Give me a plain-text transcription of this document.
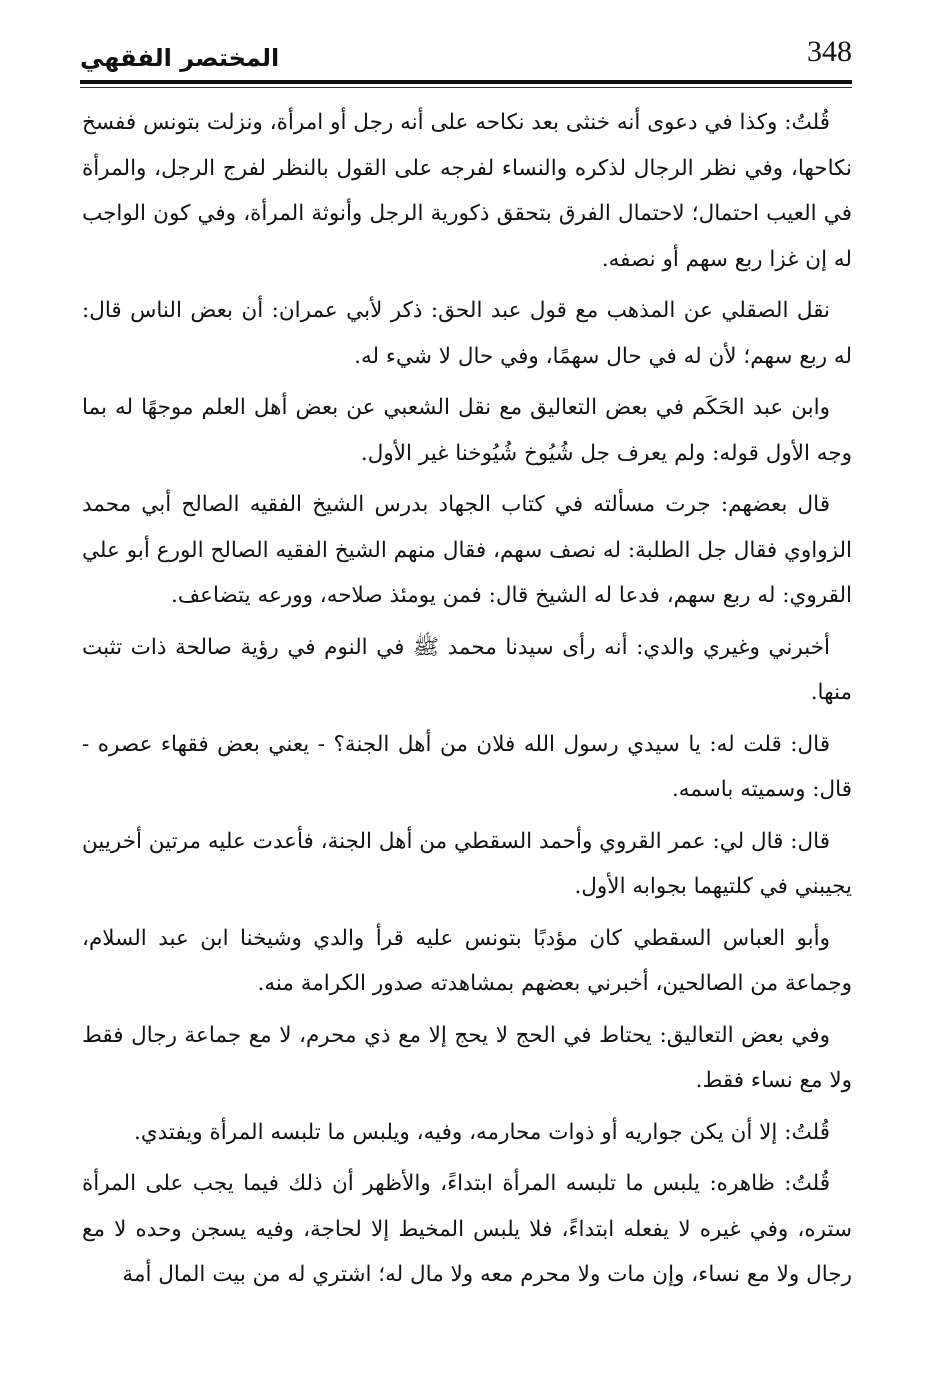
348
المختصر الفقهي

قُلتُ: وكذا في دعوى أنه خنثى بعد نكاحه على أنه رجل أو امرأة، ونزلت بتونس ففسخ نكاحها، وفي نظر الرجال لذكره والنساء لفرجه على القول بالنظر لفرج الرجل، والمرأة في العيب احتمال؛ لاحتمال الفرق بتحقق ذكورية الرجل وأنوثة المرأة، وفي كون الواجب له إن غزا ربع سهم أو نصفه.

نقل الصقلي عن المذهب مع قول عبد الحق: ذكر لأبي عمران: أن بعض الناس قال: له ربع سهم؛ لأن له في حال سهمًا، وفي حال لا شيء له.

وابن عبد الحَكَم في بعض التعاليق مع نقل الشعبي عن بعض أهل العلم موجهًا له بما وجه الأول قوله: ولم يعرف جل شُيُوخ شُيُوخنا غير الأول.

قال بعضهم: جرت مسألته في كتاب الجهاد بدرس الشيخ الفقيه الصالح أبي محمد الزواوي فقال جل الطلبة: له نصف سهم، فقال منهم الشيخ الفقيه الصالح الورع أبو علي القروي: له ربع سهم، فدعا له الشيخ قال: فمن يومئذ صلاحه، وورعه يتضاعف.

أخبرني وغيري والدي: أنه رأى سيدنا محمد ﷺ في النوم في رؤية صالحة ذات تثبت منها.

قال: قلت له: يا سيدي رسول الله فلان من أهل الجنة؟ - يعني بعض فقهاء عصره - قال: وسميته باسمه.

قال: قال لي: عمر القروي وأحمد السقطي من أهل الجنة، فأعدت عليه مرتين أخريين يجيبني في كلتيهما بجوابه الأول.

وأبو العباس السقطي كان مؤدبًا بتونس عليه قرأ والدي وشيخنا ابن عبد السلام، وجماعة من الصالحين، أخبرني بعضهم بمشاهدته صدور الكرامة منه.

وفي بعض التعاليق: يحتاط في الحج لا يحج إلا مع ذي محرم، لا مع جماعة رجال فقط ولا مع نساء فقط.

قُلتُ: إلا أن يكن جواريه أو ذوات محارمه، وفيه، ويلبس ما تلبسه المرأة ويفتدي.

قُلتُ: ظاهره: يلبس ما تلبسه المرأة ابتداءً، والأظهر أن ذلك فيما يجب على المرأة ستره، وفي غيره لا يفعله ابتداءً، فلا يلبس المخيط إلا لحاجة، وفيه يسجن وحده لا مع رجال ولا مع نساء، وإن مات ولا محرم معه ولا مال له؛ اشتري له من بيت المال أمة
